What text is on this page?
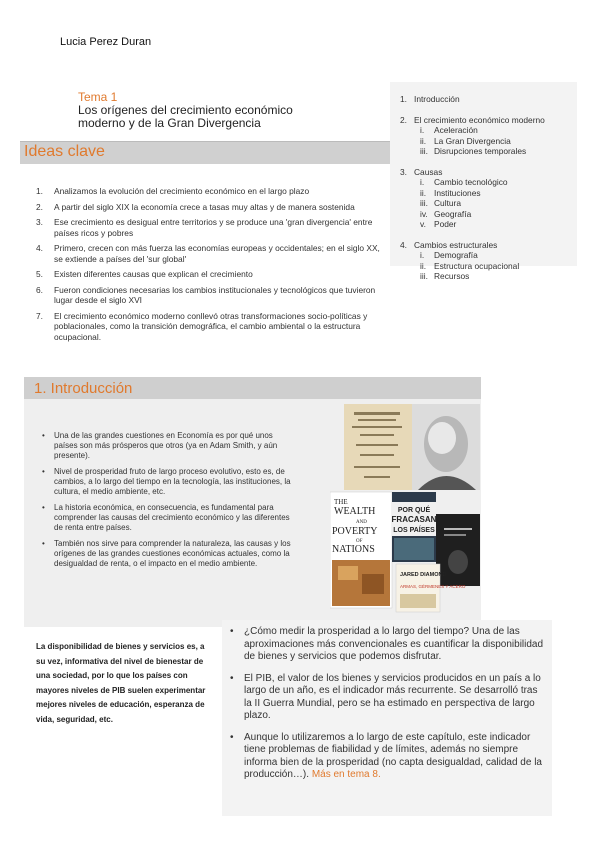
Lucia Perez Duran
Tema 1
Los orígenes del crecimiento económico
moderno y de la Gran Divergencia
Ideas clave
1. Analizamos la evolución del crecimiento económico en el largo plazo
2. A partir del siglo XIX la economía crece a tasas muy altas y de manera sostenida
3. Ese crecimiento es desigual entre territorios y se produce una 'gran divergencia' entre países ricos y pobres
4. Primero, crecen con más fuerza las economías europeas y occidentales; en el siglo XX, se extiende a países del 'sur global'
5. Existen diferentes causas que explican el crecimiento
6. Fueron condiciones necesarias los cambios institucionales y tecnológicos que tuvieron lugar desde el siglo XVI
7. El crecimiento económico moderno conllevó otras transformaciones socio-políticas y poblacionales, como la transición demográfica, el cambio ambiental o la estructura ocupacional.
1. Introducción
2. El crecimiento económico moderno
i. Aceleración
ii. La Gran Divergencia
iii. Disrupciones temporales
3. Causas
i. Cambio tecnológico
ii. Instituciones
iii. Cultura
iv. Geografía
v. Poder
4. Cambios estructurales
i. Demografía
ii. Estructura ocupacional
iii. Recursos
1. Introducción
• Una de las grandes cuestiones en Economía es por qué unos países son más prósperos que otros (ya en Adam Smith, y aún presente).
• Nivel de prosperidad fruto de largo proceso evolutivo, esto es, de cambios, a lo largo del tiempo en la tecnología, las instituciones, la cultura, el medio ambiente, etc.
• La historia económica, en consecuencia, es fundamental para comprender las causas del crecimiento económico y las diferentes de renta entre países.
• También nos sirve para comprender la naturaleza, las causas y los orígenes de las grandes cuestiones económicas actuales, como la desigualdad de renta, o el impacto en el medio ambiente.
THE
WEALTH
AND
POVERTY
OF
NATIONS
POR QUÉ
FRACASAN
LOS PAÍSES
JARED DIAMOND
ARMAS, GÉRMENES Y ACERO
La disponibilidad de bienes y servicios es, a su vez, informativa del nivel de bienestar de una sociedad, por lo que los países con mayores niveles de PIB suelen experimentar mejores niveles de educación, esperanza de vida, seguridad, etc.
• ¿Cómo medir la prosperidad a lo largo del tiempo? Una de las aproximaciones más convencionales es cuantificar la disponibilidad de bienes y servicios que podemos disfrutar.
• El PIB, el valor de los bienes y servicios producidos en un país a lo largo de un año, es el indicador más recurrente. Se desarrolló tras la II Guerra Mundial, pero se ha estimado en perspectiva de largo plazo.
• Aunque lo utilizaremos a lo largo de este capítulo, este indicador tiene problemas de fiabilidad y de límites, además no siempre informa bien de la prosperidad (no capta desigualdad, calidad de la producción…). Más en tema 8.
